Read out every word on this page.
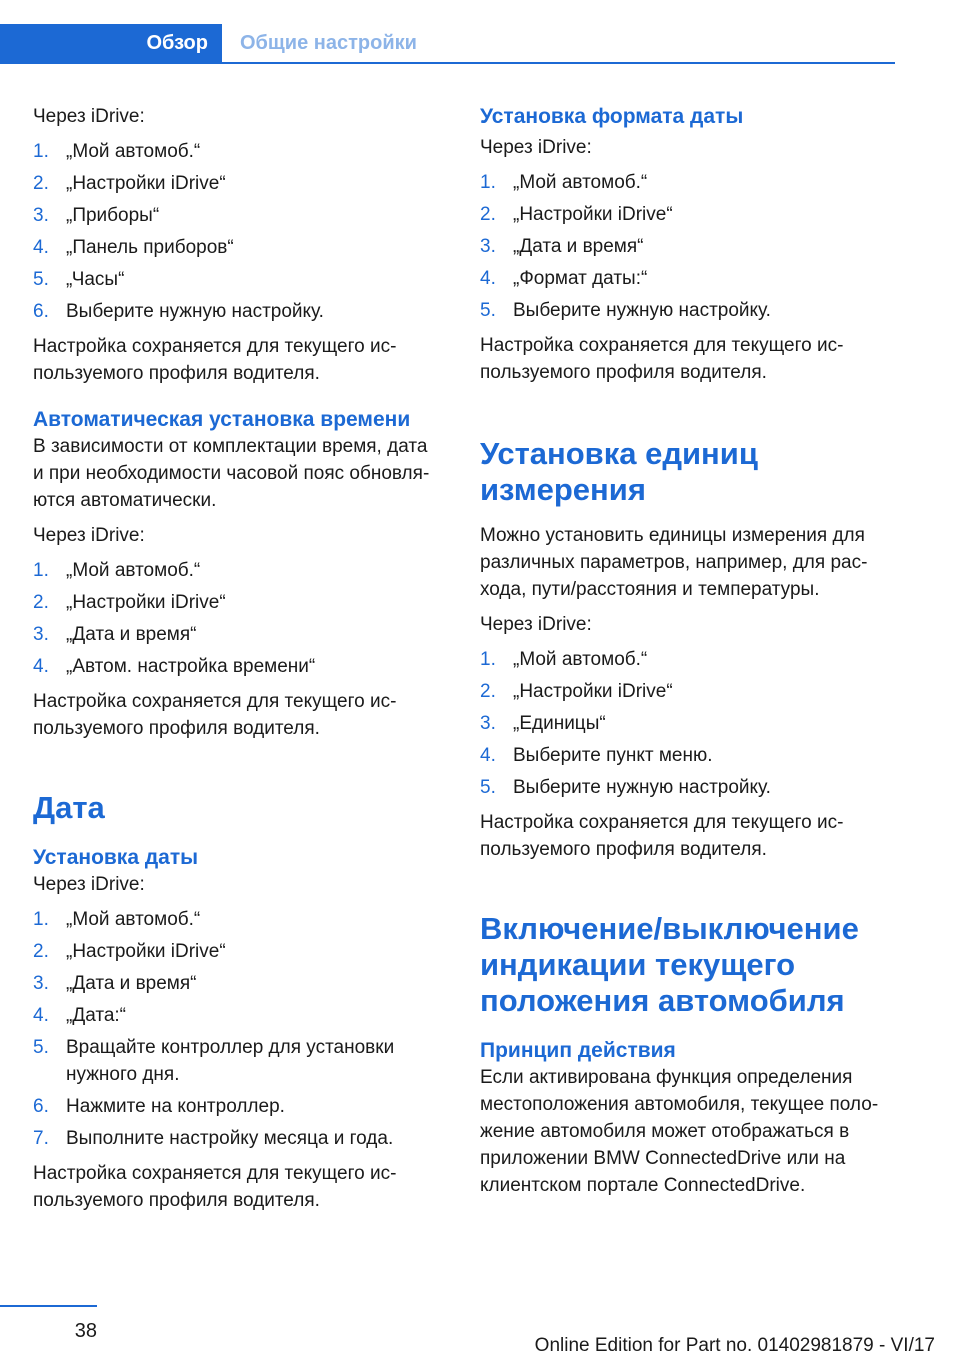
Обзор	Общие настройки

Через iDrive:

1. „Мой автомоб.“
2. „Настройки iDrive“
3. „Приборы“
4. „Панель приборов“
5. „Часы“
6. Выберите нужную настройку.

Настройка сохраняется для текущего используемого профиля водителя.

Автоматическая установка времени

В зависимости от комплектации время, дата и при необходимости часовой пояс обновляются автоматически.

Через iDrive:

1. „Мой автомоб.“
2. „Настройки iDrive“
3. „Дата и время“
4. „Автом. настройка времени“

Настройка сохраняется для текущего используемого профиля водителя.

Дата
Установка даты

Через iDrive:

1. „Мой автомоб.“
2. „Настройки iDrive“
3. „Дата и время“
4. „Дата:“
5. Вращайте контроллер для установки нужного дня.
6. Нажмите на контроллер.
7. Выполните настройку месяца и года.

Настройка сохраняется для текущего используемого профиля водителя.

Установка формата даты

Через iDrive:

1. „Мой автомоб.“
2. „Настройки iDrive“
3. „Дата и время“
4. „Формат даты:“
5. Выберите нужную настройку.

Настройка сохраняется для текущего используемого профиля водителя.

Установка единиц измерения

Можно установить единицы измерения для различных параметров, например, для расхода, пути/расстояния и температуры.

Через iDrive:

1. „Мой автомоб.“
2. „Настройки iDrive“
3. „Единицы“
4. Выберите пункт меню.
5. Выберите нужную настройку.

Настройка сохраняется для текущего используемого профиля водителя.

Включение/выключение индикации текущего положения автомобиля
Принцип действия

Если активирована функция определения местоположения автомобиля, текущее положение автомобиля может отображаться в приложении BMW ConnectedDrive или на клиентском портале ConnectedDrive.

38
Online Edition for Part no. 01402981879 - VI/17
